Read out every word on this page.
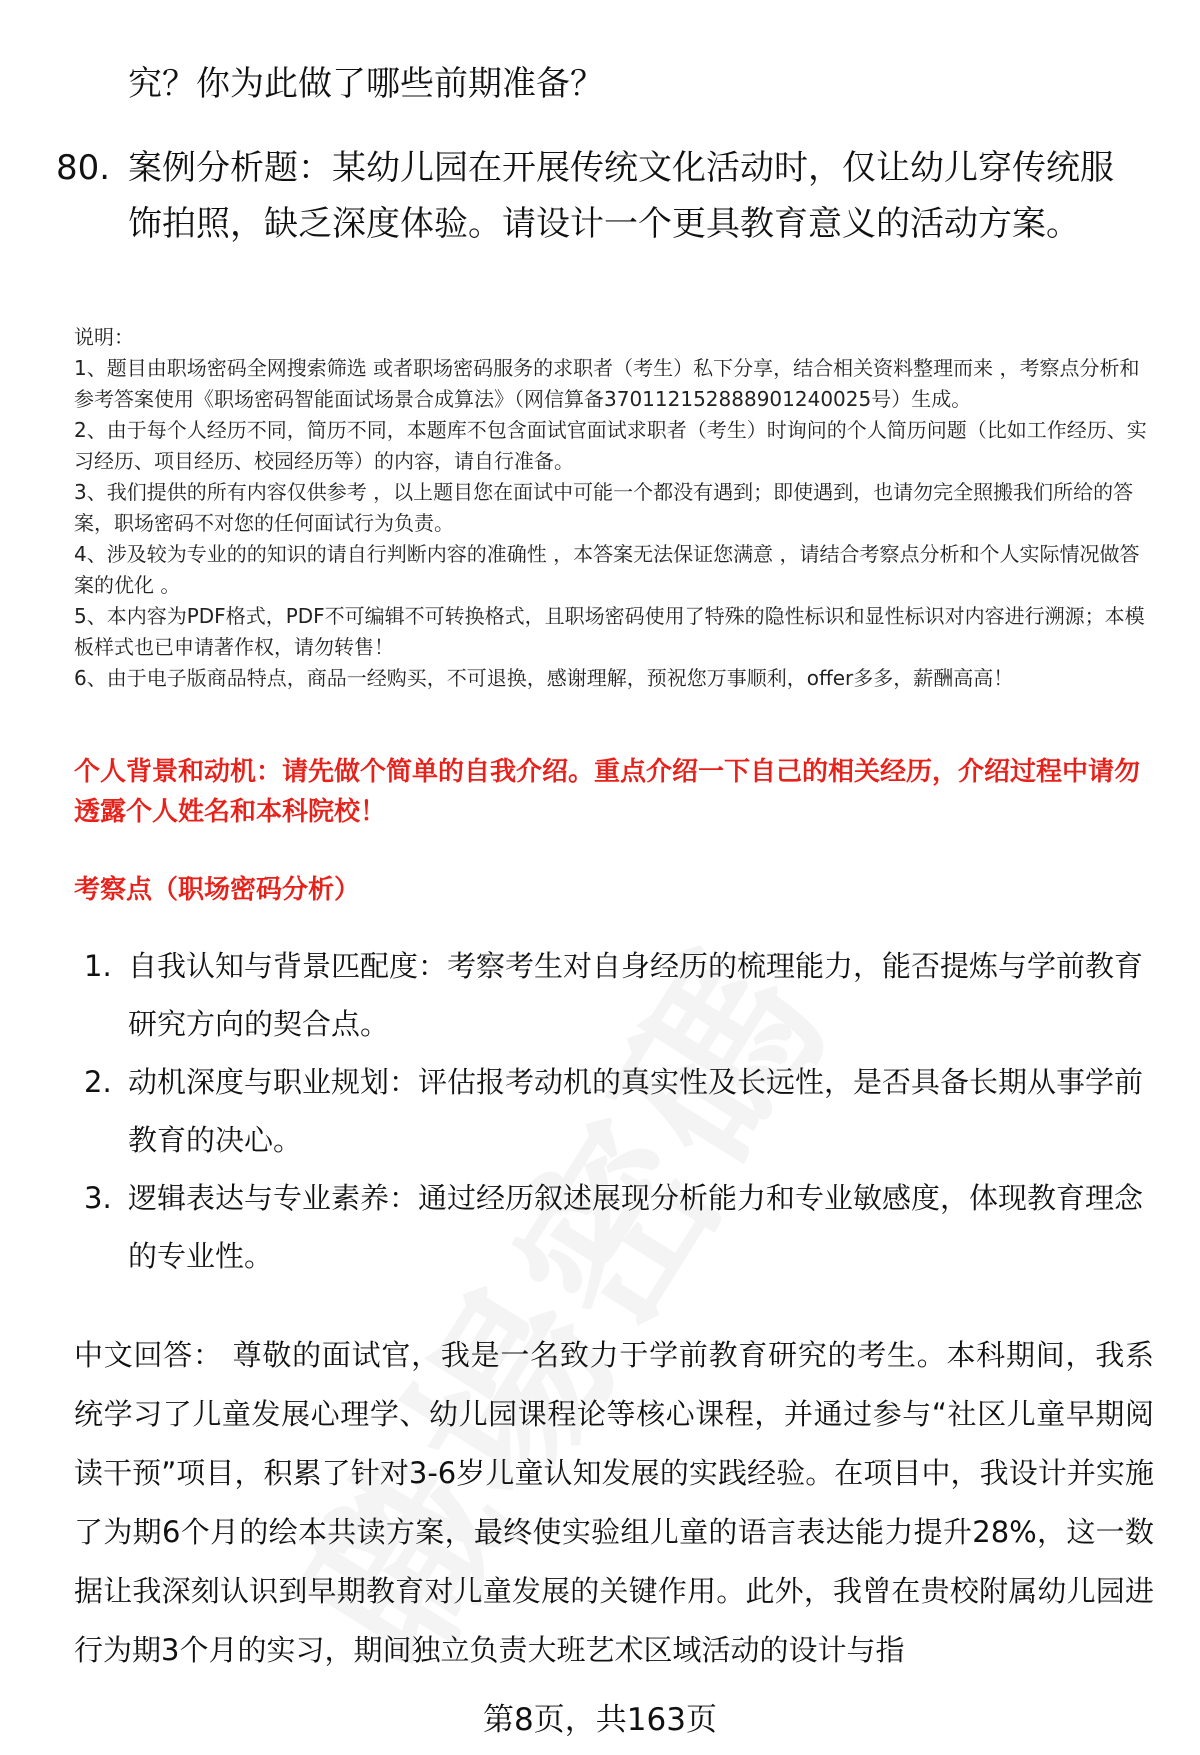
究？你为此做了哪些前期准备？

80. 案例分析题：某幼儿园在开展传统文化活动时，仅让幼儿穿传统服饰拍照，缺乏深度体验。请设计一个更具教育意义的活动方案。

说明：

1、题目由职场密码全网搜索筛选 或者职场密码服务的求职者（考生）私下分享，结合相关资料整理而来 ，考察点分析和参考答案使用《职场密码智能面试场景合成算法》（网信算备370112152888901240025号）生成。

2、由于每个人经历不同，简历不同，本题库不包含面试官面试求职者（考生）时询问的个人简历问题（比如工作经历、实习经历、项目经历、校园经历等）的内容，请自行准备。

3、我们提供的所有内容仅供参考 ，以上题目您在面试中可能一个都没有遇到；即使遇到，也请勿完全照搬我们所给的答案，职场密码不对您的任何面试行为负责。

4、涉及较为专业的的知识的请自行判断内容的准确性 ，本答案无法保证您满意 ，请结合考察点分析和个人实际情况做答案的优化 。

5、本内容为PDF格式，PDF不可编辑不可转换格式，且职场密码使用了特殊的隐性标识和显性标识对内容进行溯源；本模板样式也已申请著作权，请勿转售！

6、由于电子版商品特点，商品一经购买，不可退换，感谢理解，预祝您万事顺利，offer多多，薪酬高高！

个人背景和动机：请先做个简单的自我介绍。重点介绍一下自己的相关经历，介绍过程中请勿透露个人姓名和本科院校！
考察点（职场密码分析）
1. 自我认知与背景匹配度：考察考生对自身经历的梳理能力，能否提炼与学前教育研究方向的契合点。
2. 动机深度与职业规划：评估报考动机的真实性及长远性，是否具备长期从事学前教育的决心。
3. 逻辑表达与专业素养：通过经历叙述展现分析能力和专业敏感度，体现教育理念的专业性。
中文回答： 尊敬的面试官，我是一名致力于学前教育研究的考生。本科期间，我系统学习了儿童发展心理学、幼儿园课程论等核心课程，并通过参与“社区儿童早期阅读干预”项目，积累了针对3-6岁儿童认知发展的实践经验。在项目中，我设计并实施了为期6个月的绘本共读方案，最终使实验组儿童的语言表达能力提升28%，这一数据让我深刻认识到早期教育对儿童发展的关键作用。此外，我曾在贵校附属幼儿园进行为期3个月的实习，期间独立负责大班艺术区域活动的设计与指
第8页，共163页
